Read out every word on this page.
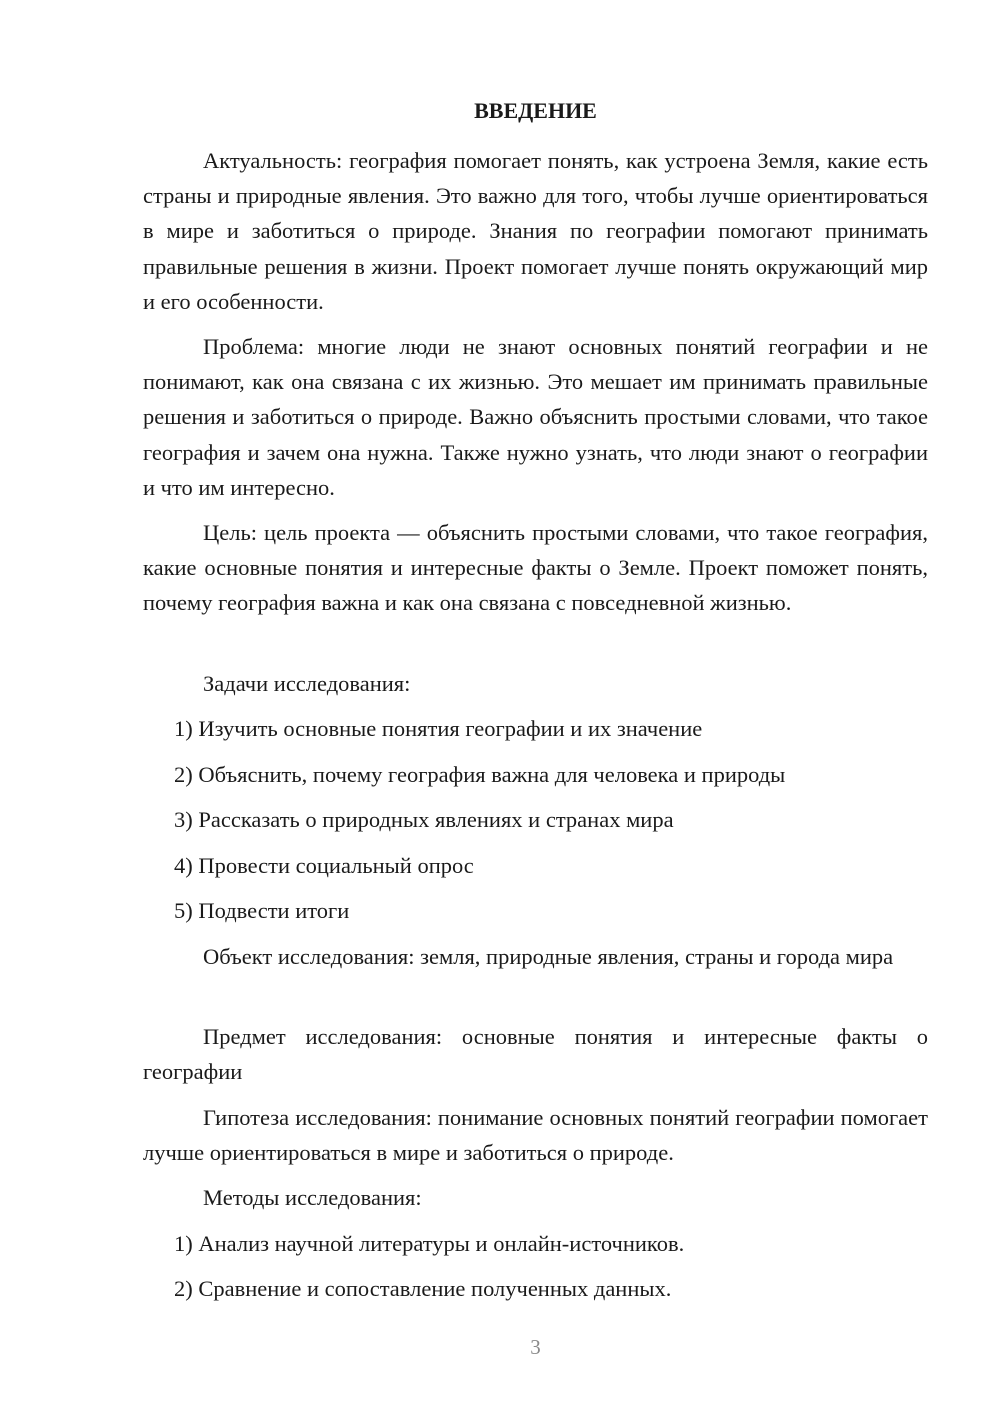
ВВЕДЕНИЕ

Актуальность: география помогает понять, как устроена Земля, какие есть страны и природные явления. Это важно для того, чтобы лучше ориентироваться в мире и заботиться о природе. Знания по географии помогают принимать правильные решения в жизни. Проект помогает лучше понять окружающий мир и его особенности.

Проблема: многие люди не знают основных понятий географии и не понимают, как она связана с их жизнью. Это мешает им принимать правильные решения и заботиться о природе. Важно объяснить простыми словами, что такое география и зачем она нужна. Также нужно узнать, что люди знают о географии и что им интересно.

Цель: цель проекта — объяснить простыми словами, что такое география, какие основные понятия и интересные факты о Земле. Проект поможет понять, почему география важна и как она связана с повседневной жизнью.

Задачи исследования:
1) Изучить основные понятия географии и их значение
2) Объяснить, почему география важна для человека и природы
3) Рассказать о природных явлениях и странах мира
4) Провести социальный опрос
5) Подвести итоги

Объект исследования: земля, природные явления, страны и города мира

Предмет исследования: основные понятия и интересные факты о географии

Гипотеза исследования: понимание основных понятий географии помогает лучше ориентироваться в мире и заботиться о природе.

Методы исследования:
1) Анализ научной литературы и онлайн-источников.
2) Сравнение и сопоставление полученных данных.
3
